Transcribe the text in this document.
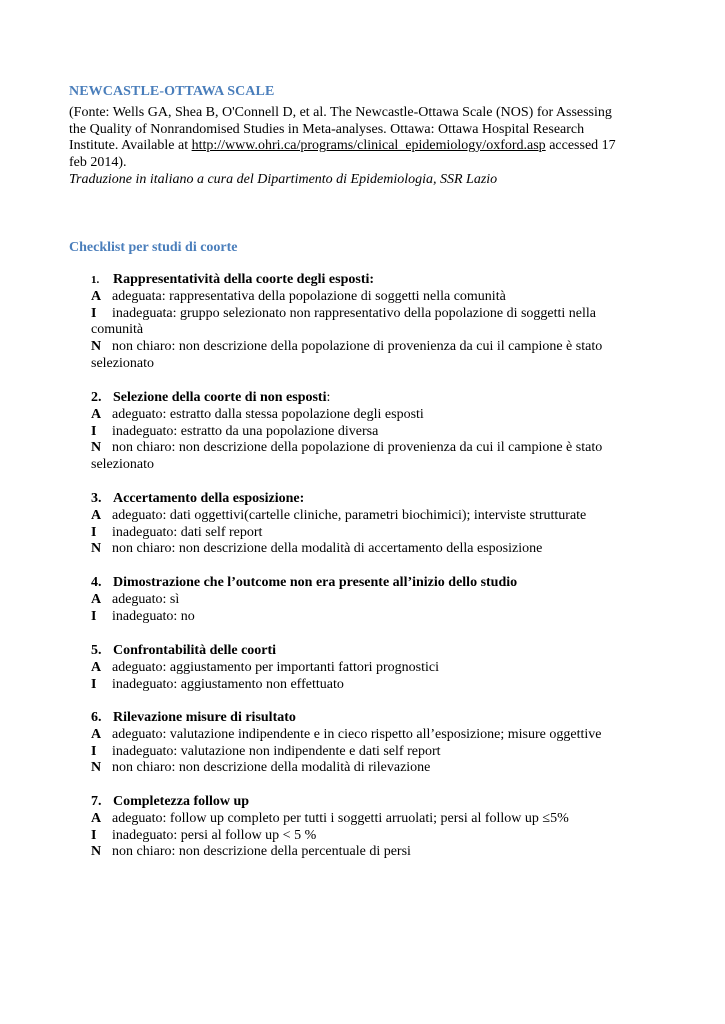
NEWCASTLE-OTTAWA SCALE
(Fonte: Wells GA, Shea B, O'Connell D, et al. The Newcastle-Ottawa Scale (NOS) for Assessing
the Quality of Nonrandomised Studies in Meta-analyses. Ottawa: Ottawa Hospital Research
Institute. Available at http://www.ohri.ca/programs/clinical_epidemiology/oxford.asp accessed 17
feb 2014).
Traduzione in italiano a cura del Dipartimento di Epidemiologia, SSR Lazio
Checklist per studi di coorte
1. Rappresentatività della coorte degli esposti:
A adeguata: rappresentativa della popolazione di soggetti nella comunità
I inadeguata: gruppo selezionato non rappresentativo della popolazione di soggetti nella
comunità
N non chiaro: non descrizione della popolazione di provenienza da cui il campione è stato
selezionato
2. Selezione della coorte di non esposti:
A adeguato: estratto dalla stessa popolazione degli esposti
I inadeguato: estratto da una popolazione diversa
N non chiaro: non descrizione della popolazione di provenienza da cui il campione è stato
selezionato
3. Accertamento della esposizione:
A adeguato: dati oggettivi(cartelle cliniche, parametri biochimici); interviste strutturate
I inadeguato: dati self report
N non chiaro: non descrizione della modalità di accertamento della esposizione
4. Dimostrazione che l’outcome non era presente all’inizio dello studio
A adeguato: sì
I inadeguato: no
5. Confrontabilità delle coorti
A adeguato: aggiustamento per importanti fattori prognostici
I inadeguato: aggiustamento non effettuato
6. Rilevazione misure di risultato
A adeguato: valutazione indipendente e in cieco rispetto all’esposizione; misure oggettive
I inadeguato: valutazione non indipendente e dati self report
N non chiaro: non descrizione della modalità di rilevazione
7. Completezza follow up
A adeguato: follow up completo per tutti i soggetti arruolati; persi al follow up ≤5%
I inadeguato: persi al follow up < 5 %
N non chiaro: non descrizione della percentuale di persi
